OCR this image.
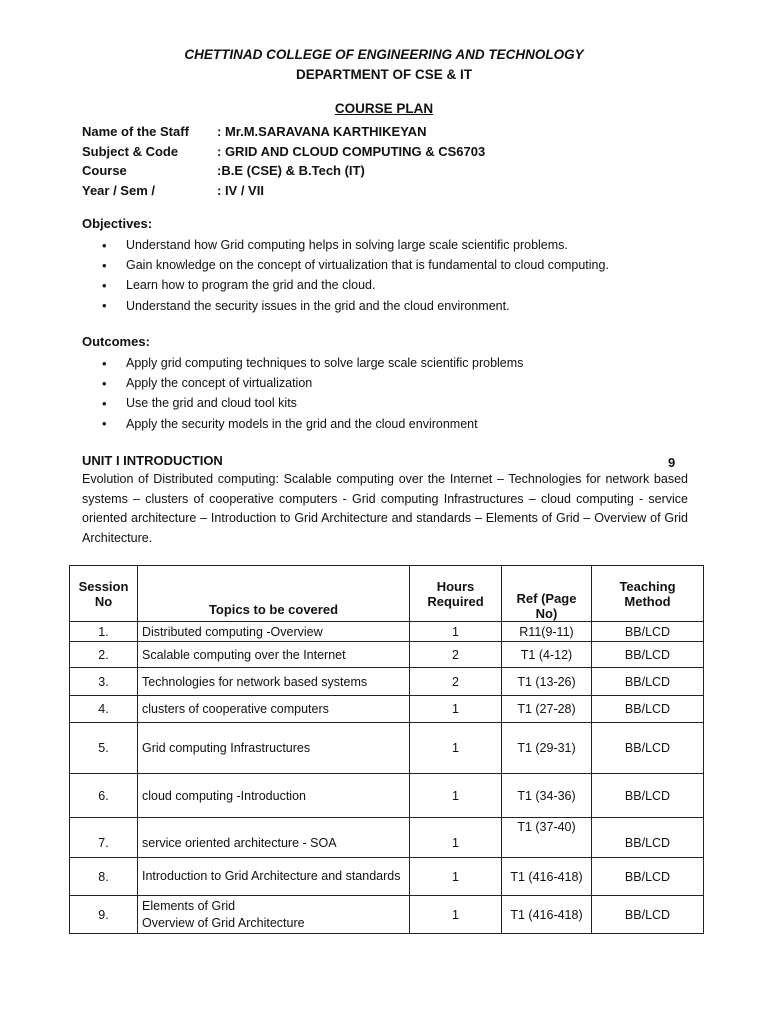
CHETTINAD COLLEGE OF ENGINEERING AND TECHNOLOGY
DEPARTMENT OF CSE & IT
COURSE PLAN
Name of the Staff	: Mr.M.SARAVANA KARTHIKEYAN
Subject & Code	: GRID AND CLOUD COMPUTING & CS6703
Course	:B.E (CSE) & B.Tech (IT)
Year / Sem /	: IV / VII
Objectives:
•	Understand how Grid computing helps in solving large scale scientific problems.
•	Gain knowledge on the concept of virtualization that is fundamental to cloud computing.
•	Learn how to program the grid and the cloud.
•	Understand the security issues in the grid and the cloud environment.
Outcomes:
•	Apply grid computing techniques to solve large scale scientific problems
•	Apply the concept of virtualization
•	Use the grid and cloud tool kits
•	Apply the security models in the grid and the cloud environment
UNIT I INTRODUCTION	9
Evolution of Distributed computing: Scalable computing over the Internet – Technologies for network based systems – clusters of cooperative computers - Grid computing Infrastructures – cloud computing - service oriented architecture – Introduction to Grid Architecture and standards – Elements of Grid – Overview of Grid Architecture.
Session No	Topics to be covered	Hours Required	Ref (Page No)	Teaching Method
1.	Distributed computing -Overview	1	R11(9-11)	BB/LCD
2.	Scalable computing over the Internet	2	T1 (4-12)	BB/LCD
3.	Technologies for network based systems	2	T1 (13-26)	BB/LCD
4.	clusters of cooperative computers	1	T1 (27-28)	BB/LCD
5.	Grid computing Infrastructures	1	T1 (29-31)	BB/LCD
6.	cloud computing -Introduction	1	T1 (34-36)	BB/LCD
7.	service oriented architecture - SOA	1	T1 (37-40)	BB/LCD
8.	Introduction to Grid Architecture and standards	1	T1 (416-418)	BB/LCD
9.	Elements of Grid
Overview of Grid Architecture	1	T1 (416-418)	BB/LCD
